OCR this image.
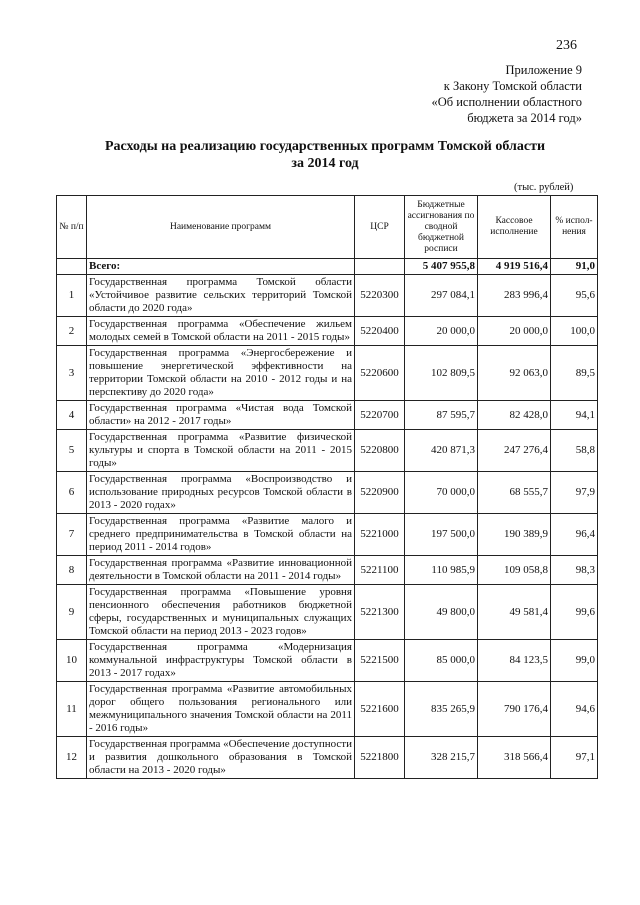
236
Приложение 9
к Закону Томской области
«Об исполнении областного
бюджета за 2014 год»
Расходы на реализацию государственных программ Томской области
за 2014 год
(тыс. рублей)
№ п/п	Наименование программ	ЦСР	Бюджетные ассигнования по сводной бюджетной росписи	Кассовое исполнение	% испол-нения
	Всего:		5 407 955,8	4 919 516,4	91,0
1	Государственная программа Томской области «Устойчивое развитие сельских территорий Томской области до 2020 года»	5220300	297 084,1	283 996,4	95,6
2	Государственная программа «Обеспечение жильем молодых семей в Томской области на 2011 - 2015 годы»	5220400	20 000,0	20 000,0	100,0
3	Государственная программа «Энергосбережение и повышение энергетической эффективности на территории Томской области на 2010 - 2012 годы и на перспективу до 2020 года»	5220600	102 809,5	92 063,0	89,5
4	Государственная программа «Чистая вода Томской области» на 2012 - 2017 годы»	5220700	87 595,7	82 428,0	94,1
5	Государственная программа «Развитие физической культуры и спорта в Томской области на 2011 - 2015 годы»	5220800	420 871,3	247 276,4	58,8
6	Государственная программа «Воспроизводство и использование природных ресурсов Томской области в 2013 - 2020 годах»	5220900	70 000,0	68 555,7	97,9
7	Государственная программа «Развитие малого и среднего предпринимательства в Томской области на период 2011 - 2014 годов»	5221000	197 500,0	190 389,9	96,4
8	Государственная программа «Развитие инновационной деятельности в Томской области на 2011 - 2014 годы»	5221100	110 985,9	109 058,8	98,3
9	Государственная программа «Повышение уровня пенсионного обеспечения работников бюджетной сферы, государственных и муниципальных служащих Томской области на период 2013 - 2023 годов»	5221300	49 800,0	49 581,4	99,6
10	Государственная программа «Модернизация коммунальной инфраструктуры Томской области в 2013 - 2017 годах»	5221500	85 000,0	84 123,5	99,0
11	Государственная программа «Развитие автомобильных дорог общего пользования регионального или межмуниципального значения Томской области на 2011 - 2016 годы»	5221600	835 265,9	790 176,4	94,6
12	Государственная программа «Обеспечение доступности и развития дошкольного образования в Томской области на 2013 - 2020 годы»	5221800	328 215,7	318 566,4	97,1
